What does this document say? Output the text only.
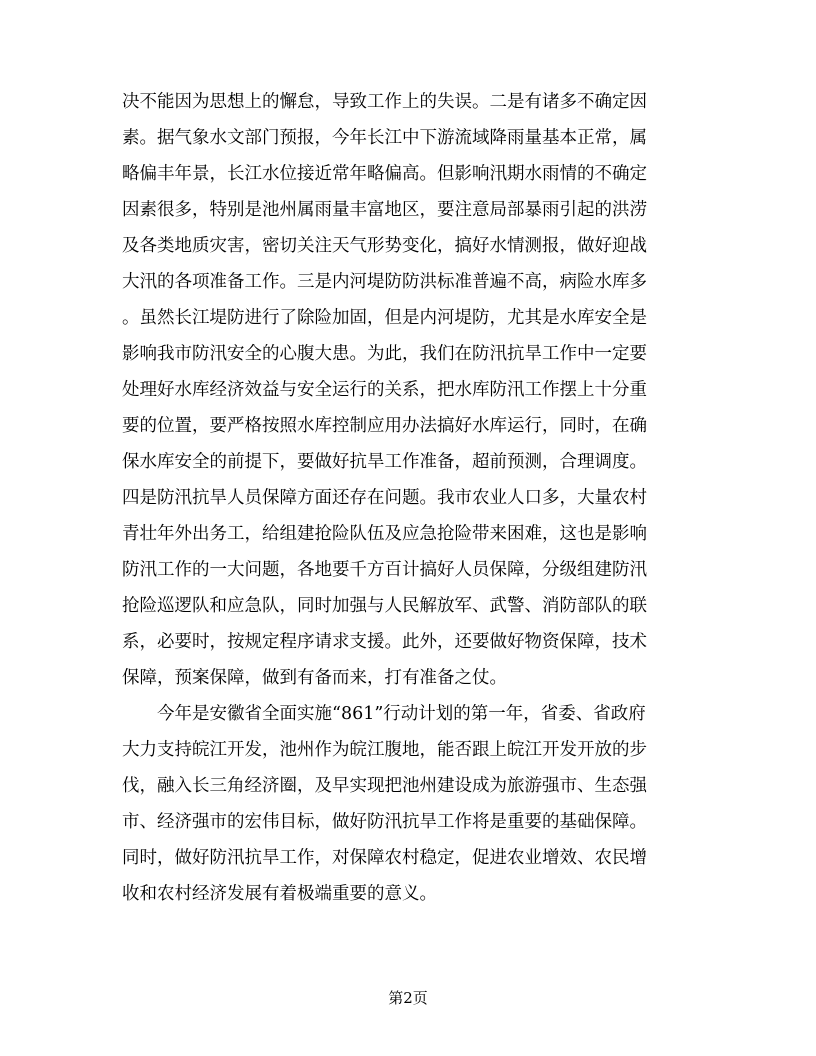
决不能因为思想上的懈怠，导致工作上的失误。二是有诸多不确定因
素。据气象水文部门预报，今年长江中下游流域降雨量基本正常，属
略偏丰年景，长江水位接近常年略偏高。但影响汛期水雨情的不确定
因素很多，特别是池州属雨量丰富地区，要注意局部暴雨引起的洪涝
及各类地质灾害，密切关注天气形势变化，搞好水情测报，做好迎战
大汛的各项准备工作。三是内河堤防防洪标准普遍不高，病险水库多
。虽然长江堤防进行了除险加固，但是内河堤防，尤其是水库安全是
影响我市防汛安全的心腹大患。为此，我们在防汛抗旱工作中一定要
处理好水库经济效益与安全运行的关系，把水库防汛工作摆上十分重
要的位置，要严格按照水库控制应用办法搞好水库运行，同时，在确
保水库安全的前提下，要做好抗旱工作准备，超前预测，合理调度。
四是防汛抗旱人员保障方面还存在问题。我市农业人口多，大量农村
青壮年外出务工，给组建抢险队伍及应急抢险带来困难，这也是影响
防汛工作的一大问题，各地要千方百计搞好人员保障，分级组建防汛
抢险巡逻队和应急队，同时加强与人民解放军、武警、消防部队的联
系，必要时，按规定程序请求支援。此外，还要做好物资保障，技术
保障，预案保障，做到有备而来，打有准备之仗。
　　今年是安徽省全面实施“861”行动计划的第一年，省委、省政府
大力支持皖江开发，池州作为皖江腹地，能否跟上皖江开发开放的步
伐，融入长三角经济圈，及早实现把池州建设成为旅游强市、生态强
市、经济强市的宏伟目标，做好防汛抗旱工作将是重要的基础保障。
同时，做好防汛抗旱工作，对保障农村稳定，促进农业增效、农民增
收和农村经济发展有着极端重要的意义。
第2页
